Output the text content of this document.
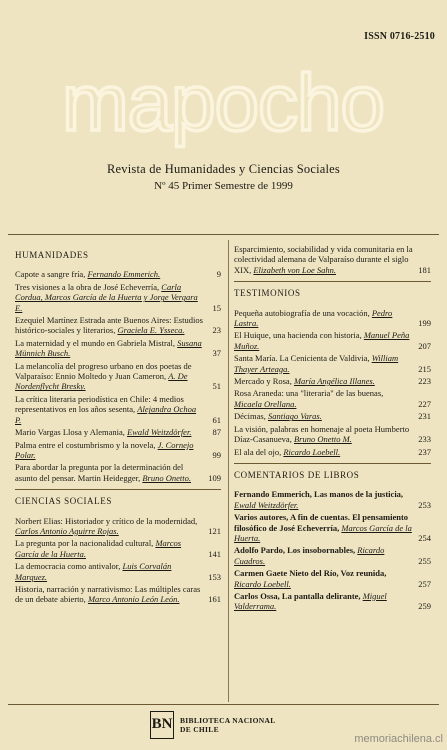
ISSN 0716-2510
mapocho
Revista de Humanidades y Ciencias Sociales
Nº 45 Primer Semestre de 1999
HUMANIDADES
Capote a sangre fría, Fernando Emmerich.	9
Tres visiones a la obra de José Echeverría, Carla Cordua, Marcos García de la Huerta y Jorge Vergara E.	15
Ezequiel Martínez Estrada ante Buenos Aires: Estudios histórico-sociales y literarios, Graciela E. Ysseca.	23
La maternidad y el mundo en Gabriela Mistral, Susana Münnich Busch.	37
La melancolía del progreso urbano en dos poetas de Valparaíso: Ennio Moltedo y Juan Cameron, A. De Nordenflycht Bresky.	51
La crítica literaria periodística en Chile: 4 medios representativos en los años sesenta, Alejandra Ochoa P.	61
Mario Vargas Llosa y Alemania, Ewald Weitzdörfer.	87
Palma entre el costumbrismo y la novela, J. Cornejo Polar.	99
Para abordar la pregunta por la determinación del asunto del pensar. Martin Heidegger, Bruno Onetto.	109
CIENCIAS SOCIALES
Norbert Elias: Historiador y crítico de la modernidad, Carlos Antonio Aguirre Rojas.	121
La pregunta por la nacionalidad cultural, Marcos García de la Huerta.	141
La democracia como antivalor, Luis Corvalán Marquez.	153
Historia, narración y narrativismo: Las múltiples caras de un debate abierto, Marco Antonio León León.	161
Esparcimiento, sociabilidad y vida comunitaria en la colectividad alemana de Valparaíso durante el siglo XIX, Elizabeth von Loe Sahn.	181
TESTIMONIOS
Pequeña autobiografía de una vocación, Pedro Lastra.	199
El Huique, una hacienda con historia, Manuel Peña Muñoz.	207
Santa María. La Cenicienta de Valdivia, William Thayer Arteaga.	215
Mercado y Rosa, María Angélica Illanes.	223
Rosa Araneda: una "literaria" de las buenas, Micaela Orellana.	227
Décimas, Santiago Varas.	231
La visión, palabras en homenaje al poeta Humberto Díaz-Casanueva, Bruno Onetto M.	233
El ala del ojo, Ricardo Loebell.	237
COMENTARIOS DE LIBROS
Fernando Emmerich, Las manos de la justicia, Ewald Weitzdörfer.	253
Varios autores, A fin de cuentas. El pensamiento filosófico de José Echeverría, Marcos García de la Huerta.	254
Adolfo Pardo, Los insobornables, Ricardo Cuadros.	255
Carmen Gaete Nieto del Río, Voz reunida, Ricardo Loebell.	257
Carlos Ossa, La pantalla delirante, Miguel Valderrama.	259
BN BIBLIOTECA NACIONAL
DE CHILE
memoriachilena.cl
